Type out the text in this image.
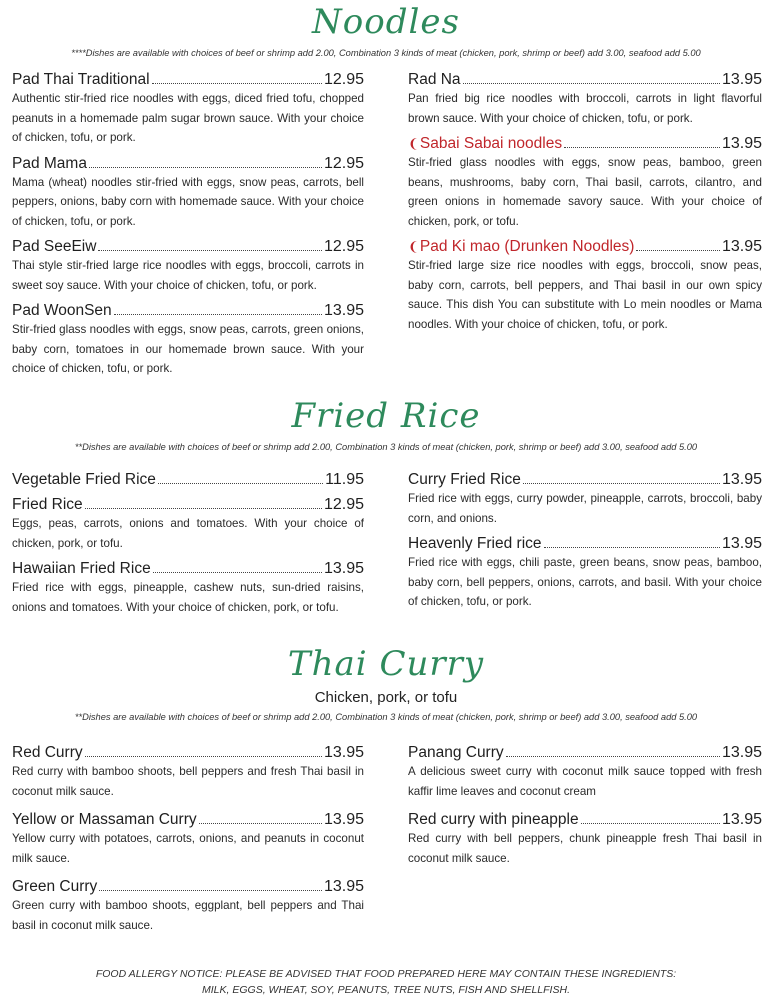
Noodles
****Dishes are available with choices of beef or shrimp add 2.00, Combination 3 kinds of meat (chicken, pork, shrimp or beef) add 3.00, seafood add 5.00
Pad Thai Traditional	12.95
Authentic stir-fried rice noodles with eggs, diced fried tofu, chopped peanuts in a homemade palm sugar brown sauce. With your choice of chicken, tofu, or pork.
Pad Mama	12.95
Mama (wheat) noodles stir-fried with eggs, snow peas, carrots, bell peppers, onions, baby corn with homemade sauce. With your choice of chicken, tofu, or pork.
Pad SeeEiw	12.95
Thai style stir-fried large rice noodles with eggs, broccoli, carrots in sweet soy sauce. With your choice of chicken, tofu, or pork.
Pad WoonSen	13.95
Stir-fried glass noodles with eggs, snow peas, carrots, green onions, baby corn, tomatoes in our homemade brown sauce. With your choice of chicken, tofu, or pork.
Rad Na	13.95
Pan fried big rice noodles with broccoli, carrots in light flavorful brown sauce. With your choice of chicken, tofu, or pork.
❨ Sabai Sabai noodles	13.95
Stir-fried glass noodles with eggs, snow peas, bamboo, green beans, mushrooms, baby corn, Thai basil, carrots, cilantro, and green onions in homemade savory sauce. With your choice of chicken, pork, or tofu.
❨ Pad Ki mao (Drunken Noodles)	13.95
Stir-fried large size rice noodles with eggs, broccoli, snow peas, baby corn, carrots, bell peppers, and Thai basil in our own spicy sauce. This dish You can substitute with Lo mein noodles or Mama noodles. With your choice of chicken, tofu, or pork.
Fried Rice
**Dishes are available with choices of beef or shrimp add 2.00, Combination 3 kinds of meat (chicken, pork, shrimp or beef) add 3.00, seafood add 5.00
Vegetable Fried Rice	11.95
Fried Rice	12.95
Eggs, peas, carrots, onions and tomatoes. With your choice of chicken, pork, or tofu.
Hawaiian Fried Rice	13.95
Fried rice with eggs, pineapple, cashew nuts, sun-dried raisins, onions and tomatoes. With your choice of chicken, pork, or tofu.
Curry Fried Rice	13.95
Fried rice with eggs, curry powder, pineapple, carrots, broccoli, baby corn, and onions.
Heavenly Fried rice	13.95
Fried rice with eggs, chili paste, green beans, snow peas, bamboo, baby corn, bell peppers, onions, carrots, and basil. With your choice of chicken, tofu, or pork.
Thai Curry
Chicken, pork, or tofu
**Dishes are available with choices of beef or shrimp add 2.00, Combination 3 kinds of meat (chicken, pork, shrimp or beef) add 3.00, seafood add 5.00
Red Curry	13.95
Red curry with bamboo shoots, bell peppers and fresh Thai basil in coconut milk sauce.
Yellow or Massaman Curry	13.95
Yellow curry with potatoes, carrots, onions, and peanuts in coconut milk sauce.
Green Curry	13.95
Green curry with bamboo shoots, eggplant, bell peppers and Thai basil in coconut milk sauce.
Panang Curry	13.95
A delicious sweet curry with coconut milk sauce topped with fresh kaffir lime leaves and coconut cream
Red curry with pineapple	13.95
Red curry with bell peppers, chunk pineapple fresh Thai basil in coconut milk sauce.
FOOD ALLERGY NOTICE: PLEASE BE ADVISED THAT FOOD PREPARED HERE MAY CONTAIN THESE INGREDIENTS:
MILK, EGGS, WHEAT, SOY, PEANUTS, TREE NUTS, FISH AND SHELLFISH.
